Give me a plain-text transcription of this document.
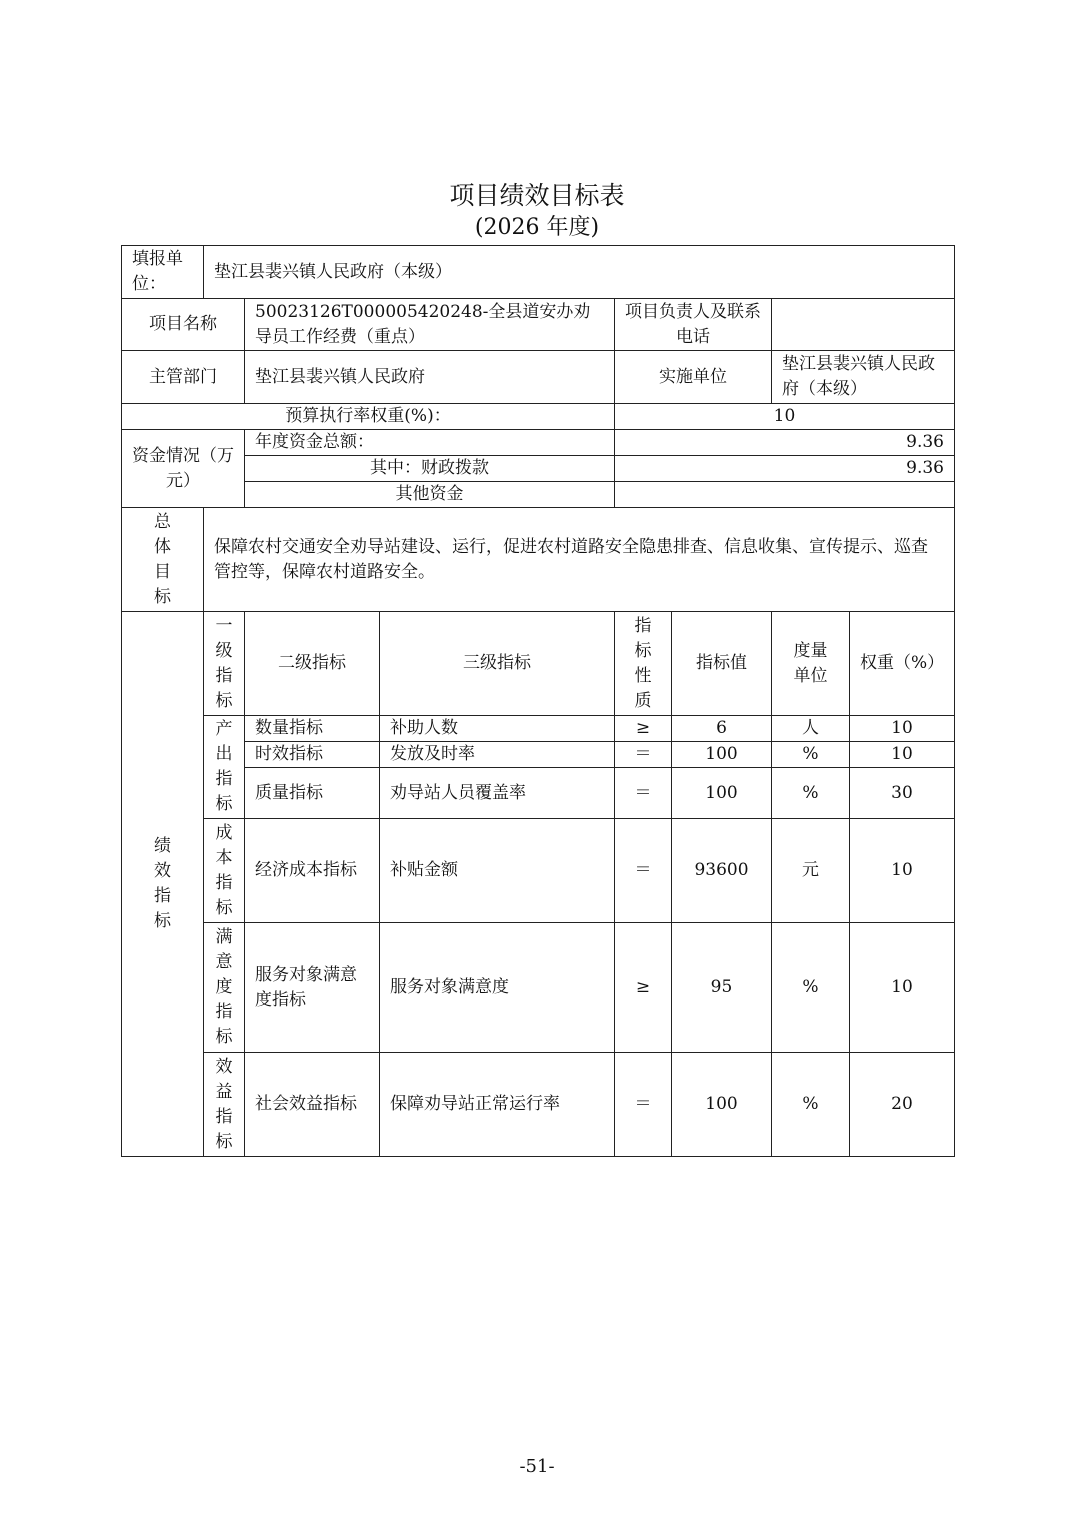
项目绩效目标表
(2026 年度)
填报单位：	垫江县裴兴镇人民政府（本级）						
项目名称		50023126T000005420248-全县道安办劝导员工作经费（重点）		项目负责人及联系电话			
主管部门		垫江县裴兴镇人民政府		实施单位		垫江县裴兴镇人民政府（本级）	
预算执行率权重(%)：				10			
资金情况（万元）		年度资金总额：		9.36			
		其中：财政拨款		9.36			
		其他资金					

总体目标	保障农村交通安全劝导站建设、运行，促进农村道路安全隐患排查、信息收集、宣传提示、巡查管控等，保障农村道路安全。						

绩效指标	一级指标	二级指标	三级指标	指标性质	指标值	度量单位	权重（%）

	产出指标	数量指标	补助人数	≥	6	人	10
		时效指标	发放及时率	＝	100	%	10
		质量指标	劝导站人员覆盖率	＝	100	%	30

	成本指标	经济成本指标	补贴金额	＝	93600	元	10

	满意度指标	服务对象满意度指标	服务对象满意度	≥	95	%	10

	效益指标	社会效益指标	保障劝导站正常运行率	＝	100	%	20
-51-
